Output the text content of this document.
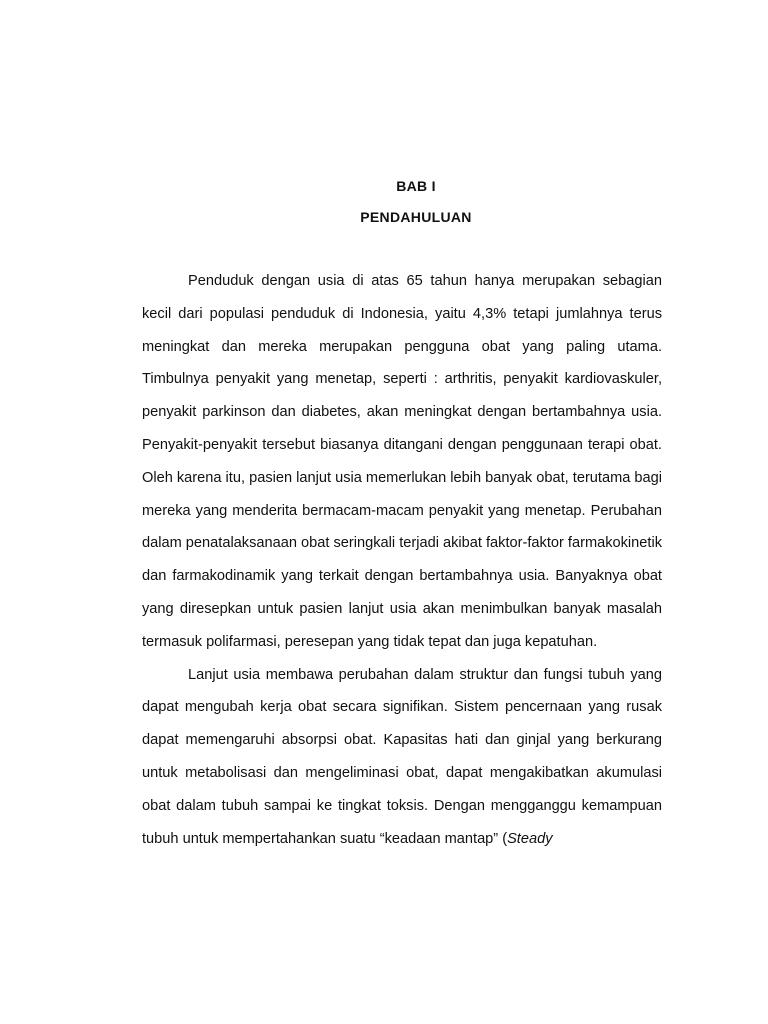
BAB I
PENDAHULUAN

Penduduk dengan usia di atas 65 tahun hanya merupakan sebagian kecil dari populasi penduduk di Indonesia, yaitu 4,3% tetapi jumlahnya terus meningkat dan mereka merupakan pengguna obat yang paling utama. Timbulnya penyakit yang menetap, seperti : arthritis, penyakit kardiovaskuler, penyakit parkinson dan diabetes, akan meningkat dengan bertambahnya usia. Penyakit-penyakit tersebut biasanya ditangani dengan penggunaan terapi obat. Oleh karena itu, pasien lanjut usia memerlukan lebih banyak obat, terutama bagi mereka yang menderita bermacam-macam penyakit yang menetap. Perubahan dalam penatalaksanaan obat seringkali terjadi akibat faktor-faktor farmakokinetik dan farmakodinamik yang terkait dengan bertambahnya usia. Banyaknya obat yang diresepkan untuk pasien lanjut usia akan menimbulkan banyak masalah termasuk polifarmasi, peresepan yang tidak tepat dan juga kepatuhan.

Lanjut usia membawa perubahan dalam struktur dan fungsi tubuh yang dapat mengubah kerja obat secara signifikan. Sistem pencernaan yang rusak dapat memengaruhi absorpsi obat. Kapasitas hati dan ginjal yang berkurang untuk metabolisasi dan mengeliminasi obat, dapat mengakibatkan akumulasi obat dalam tubuh sampai ke tingkat toksis. Dengan mengganggu kemampuan tubuh untuk mempertahankan suatu “keadaan mantap” (Steady
